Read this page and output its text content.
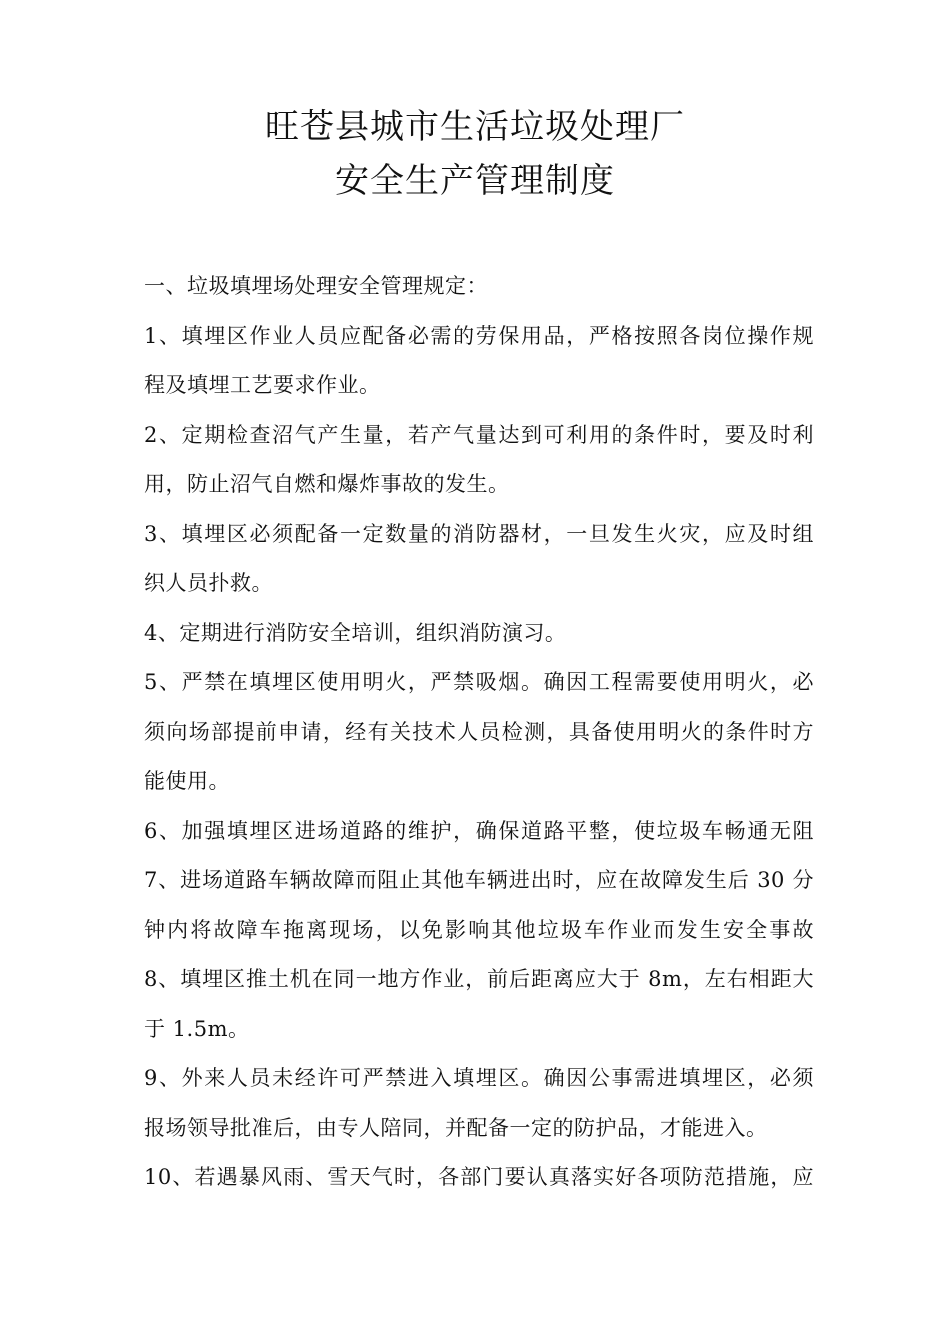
旺苍县城市生活垃圾处理厂
安全生产管理制度
一、垃圾填埋场处理安全管理规定：
1、填埋区作业人员应配备必需的劳保用品，严格按照各岗位操作规
程及填埋工艺要求作业。
2、定期检查沼气产生量，若产气量达到可利用的条件时，要及时利
用，防止沼气自燃和爆炸事故的发生。
3、填埋区必须配备一定数量的消防器材，一旦发生火灾，应及时组
织人员扑救。
4、定期进行消防安全培训，组织消防演习。
5、严禁在填埋区使用明火，严禁吸烟。确因工程需要使用明火，必
须向场部提前申请，经有关技术人员检测，具备使用明火的条件时方
能使用。
6、加强填埋区进场道路的维护，确保道路平整，使垃圾车畅通无阻
7、进场道路车辆故障而阻止其他车辆进出时，应在故障发生后 30 分
钟内将故障车拖离现场，以免影响其他垃圾车作业而发生安全事故
8、填埋区推土机在同一地方作业，前后距离应大于 8m，左右相距大
于 1.5m。
9、外来人员未经许可严禁进入填埋区。确因公事需进填埋区，必须
报场领导批准后，由专人陪同，并配备一定的防护品，才能进入。
10、若遇暴风雨、雪天气时，各部门要认真落实好各项防范措施，应
